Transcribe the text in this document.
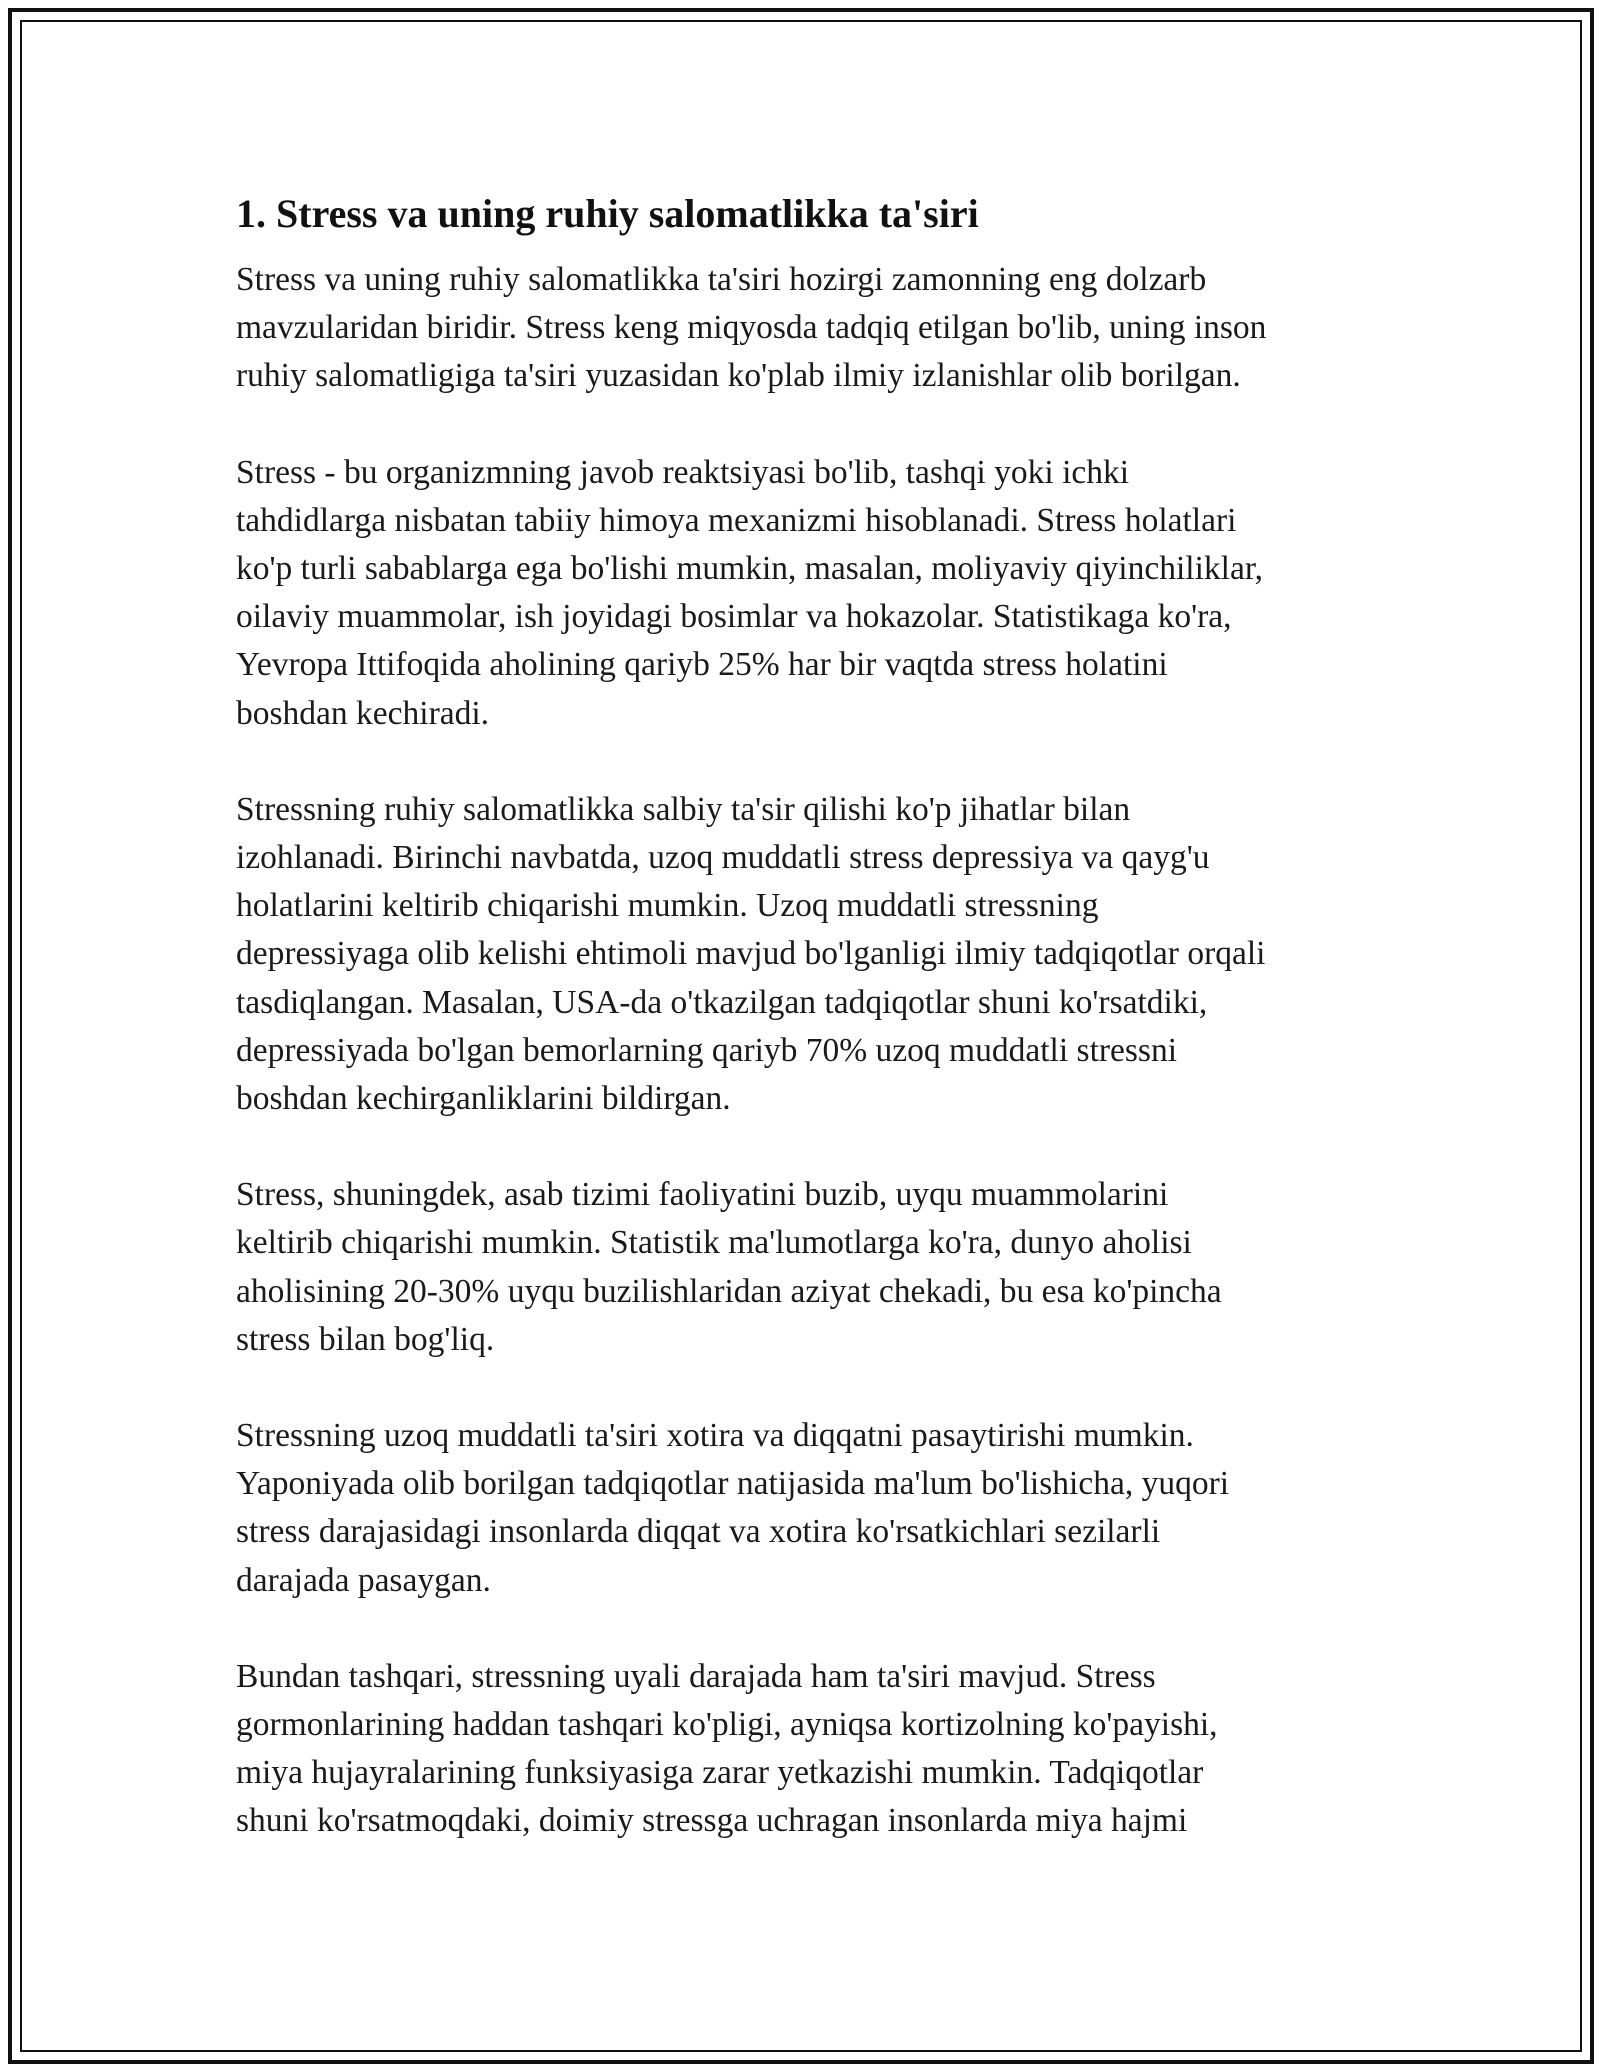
1. Stress va uning ruhiy salomatlikka ta'siri

Stress va uning ruhiy salomatlikka ta'siri hozirgi zamonning eng dolzarb
mavzularidan biridir. Stress keng miqyosda tadqiq etilgan bo'lib, uning inson
ruhiy salomatligiga ta'siri yuzasidan ko'plab ilmiy izlanishlar olib borilgan.

Stress - bu organizmning javob reaktsiyasi bo'lib, tashqi yoki ichki
tahdidlarga nisbatan tabiiy himoya mexanizmi hisoblanadi. Stress holatlari
ko'p turli sabablarga ega bo'lishi mumkin, masalan, moliyaviy qiyinchiliklar,
oilaviy muammolar, ish joyidagi bosimlar va hokazolar. Statistikaga ko'ra,
Yevropa Ittifoqida aholining qariyb 25% har bir vaqtda stress holatini
boshdan kechiradi.

Stressning ruhiy salomatlikka salbiy ta'sir qilishi ko'p jihatlar bilan
izohlanadi. Birinchi navbatda, uzoq muddatli stress depressiya va qayg'u
holatlarini keltirib chiqarishi mumkin. Uzoq muddatli stressning
depressiyaga olib kelishi ehtimoli mavjud bo'lganligi ilmiy tadqiqotlar orqali
tasdiqlangan. Masalan, USA-da o'tkazilgan tadqiqotlar shuni ko'rsatdiki,
depressiyada bo'lgan bemorlarning qariyb 70% uzoq muddatli stressni
boshdan kechirganliklarini bildirgan.

Stress, shuningdek, asab tizimi faoliyatini buzib, uyqu muammolarini
keltirib chiqarishi mumkin. Statistik ma'lumotlarga ko'ra, dunyo aholisi
aholisining 20-30% uyqu buzilishlaridan aziyat chekadi, bu esa ko'pincha
stress bilan bog'liq.

Stressning uzoq muddatli ta'siri xotira va diqqatni pasaytirishi mumkin.
Yaponiyada olib borilgan tadqiqotlar natijasida ma'lum bo'lishicha, yuqori
stress darajasidagi insonlarda diqqat va xotira ko'rsatkichlari sezilarli
darajada pasaygan.

Bundan tashqari, stressning uyali darajada ham ta'siri mavjud. Stress
gormonlarining haddan tashqari ko'pligi, ayniqsa kortizolning ko'payishi,
miya hujayralarining funksiyasiga zarar yetkazishi mumkin. Tadqiqotlar
shuni ko'rsatmoqdaki, doimiy stressga uchragan insonlarda miya hajmi
